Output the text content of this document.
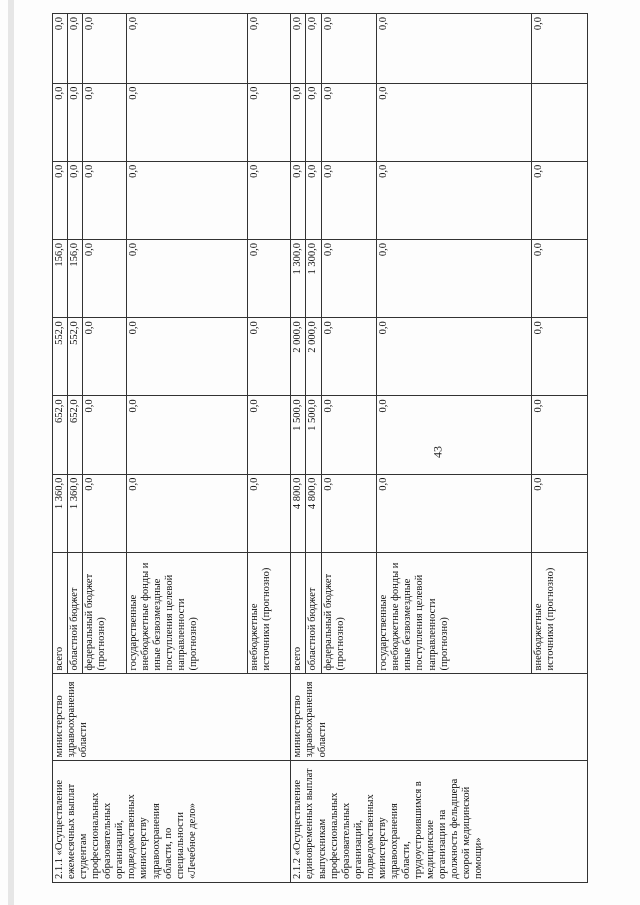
43
2.1.1 «Осуществление ежемесячных выплат студентам профессиональных образовательных организаций, подведомственных министерству здравоохранения области, по специальности «Лечебное дело»	министерство здравоохранения области	всего	1 360,0	652,0	552,0	156,0	0,0	0,0	0,0
		областной бюджет	1 360,0	652,0	552,0	156,0	0,0	0,0	0,0
		федеральный бюджет (прогнозно)	0,0	0,0	0,0	0,0	0,0	0,0	0,0
		государственные внебюджетные фонды и иные безвозмездные поступления целевой направленности (прогнозно)	0,0	0,0	0,0	0,0	0,0	0,0	0,0
		внебюджетные источники (прогнозно)	0,0	0,0	0,0	0,0	0,0	0,0	0,0
2.1.2 «Осуществление единовременных выплат выпускникам профессиональных образовательных организаций, подведомственных министерству здравоохранения области, трудоустроившимся в медицинские организации на должность фельдшера скорой медицинской помощи»	министерство здравоохранения области	всего	4 800,0	1 500,0	2 000,0	1 300,0	0,0	0,0	0,0
		областной бюджет	4 800,0	1 500,0	2 000,0	1 300,0	0,0	0,0	0,0
		федеральный бюджет (прогнозно)	0,0	0,0	0,0	0,0	0,0	0,0	0,0
		государственные внебюджетные фонды и иные безвозмездные поступления целевой направленности (прогнозно)	0,0	0,0	0,0	0,0	0,0	0,0	0,0
		внебюджетные источники (прогнозно)	0,0	0,0	0,0	0,0	0,0		0,0
